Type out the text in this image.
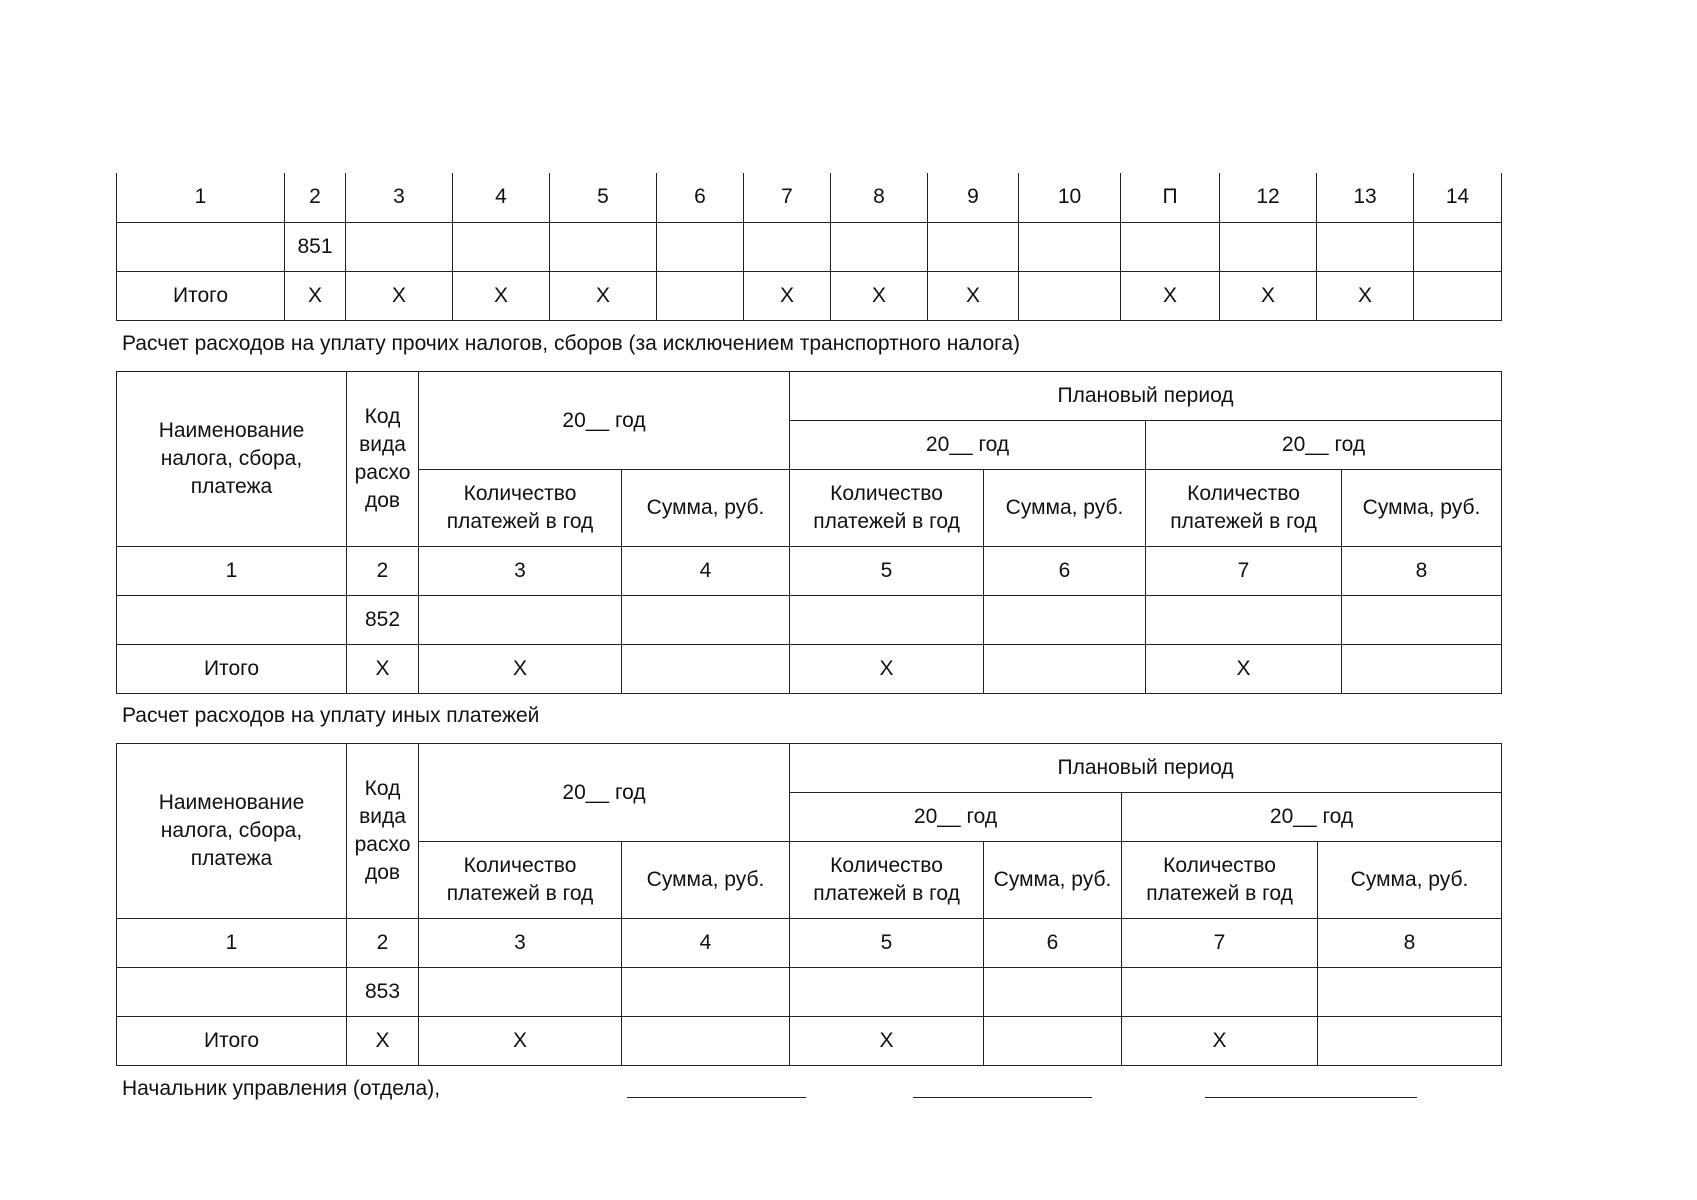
1	2	3	4	5	6	7	8	9	10	П	12	13	14
	851												
Итого	X	X	X	X		X	X	X		X	X	X	
Расчет расходов на уплату прочих налогов, сборов (за исключением транспортного налога)
Наименование налога, сбора, платежа	Код вида расхо дов	20__ год		Плановый период			
				20__ год		20__ год	
		Количество платежей в год	Сумма, руб.	Количество платежей в год	Сумма, руб.	Количество платежей в год	Сумма, руб.
1	2	3	4	5	6	7	8
	852						
Итого	X	X		X		X	
Расчет расходов на уплату иных платежей
Наименование налога, сбора, платежа	Код вида расхо дов	20__ год		Плановый период			
				20__ год		20__ год	
		Количество платежей в год	Сумма, руб.	Количество платежей в год	Сумма, руб.	Количество платежей в год	Сумма, руб.
1	2	3	4	5	6	7	8
	853						
Итого	X	X		X		X	
Начальник управления (отдела),
